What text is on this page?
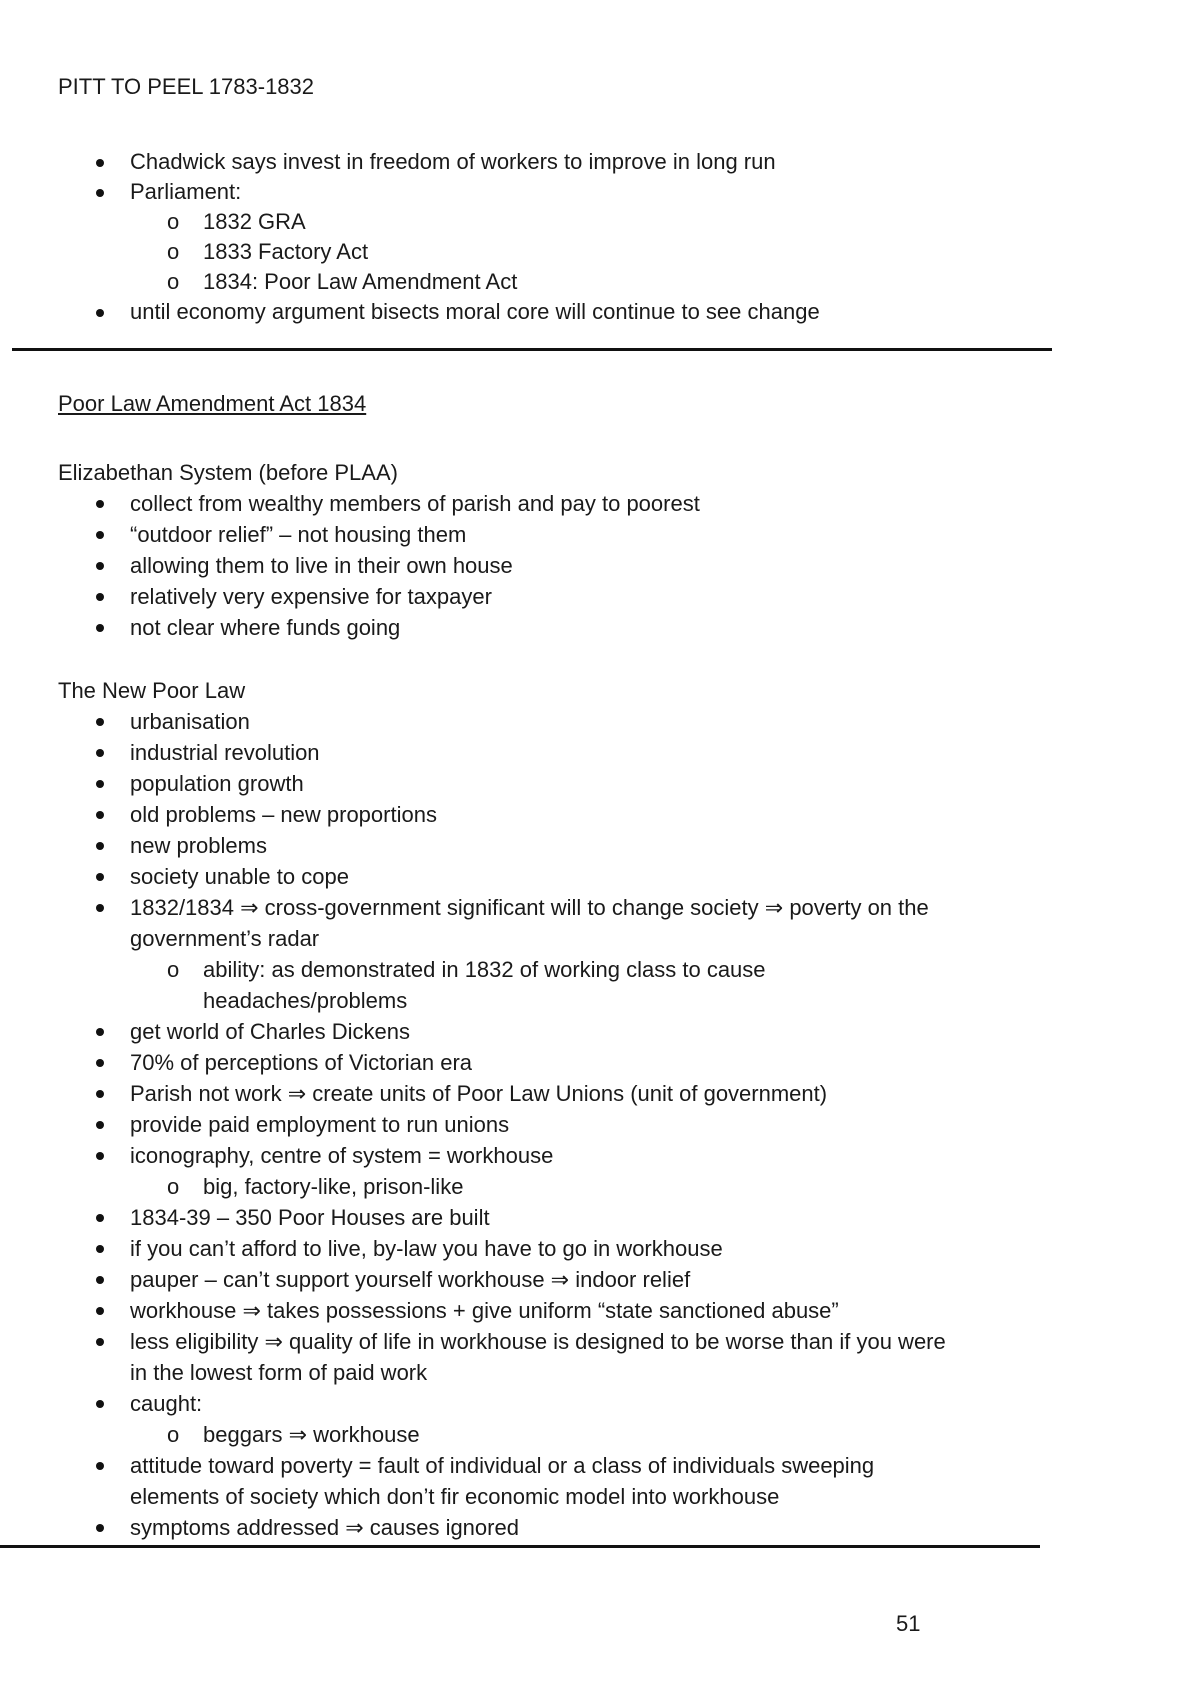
PITT TO PEEL 1783-1832
Chadwick says invest in freedom of workers to improve in long run
Parliament:
o 1832 GRA
o 1833 Factory Act
o 1834: Poor Law Amendment Act
until economy argument bisects moral core will continue to see change

Poor Law Amendment Act 1834

Elizabethan System (before PLAA)

collect from wealthy members of parish and pay to poorest
“outdoor relief” – not housing them
allowing them to live in their own house
relatively very expensive for taxpayer
not clear where funds going

The New Poor Law

urbanisation
industrial revolution
population growth
old problems – new proportions
new problems
society unable to cope
1832/1834 ⇒ cross-government significant will to change society ⇒ poverty on the government’s radar
o ability: as demonstrated in 1832 of working class to cause headaches/problems
get world of Charles Dickens
70% of perceptions of Victorian era
Parish not work ⇒ create units of Poor Law Unions (unit of government)
provide paid employment to run unions
iconography, centre of system = workhouse
o big, factory-like, prison-like
1834-39 – 350 Poor Houses are built
if you can’t afford to live, by-law you have to go in workhouse
pauper – can’t support yourself workhouse ⇒ indoor relief
workhouse ⇒ takes possessions + give uniform “state sanctioned abuse”
less eligibility ⇒ quality of life in workhouse is designed to be worse than if you were in the lowest form of paid work
caught:
o beggars ⇒ workhouse
attitude toward poverty = fault of individual or a class of individuals sweeping elements of society which don’t fir economic model into workhouse
symptoms addressed ⇒ causes ignored
51
